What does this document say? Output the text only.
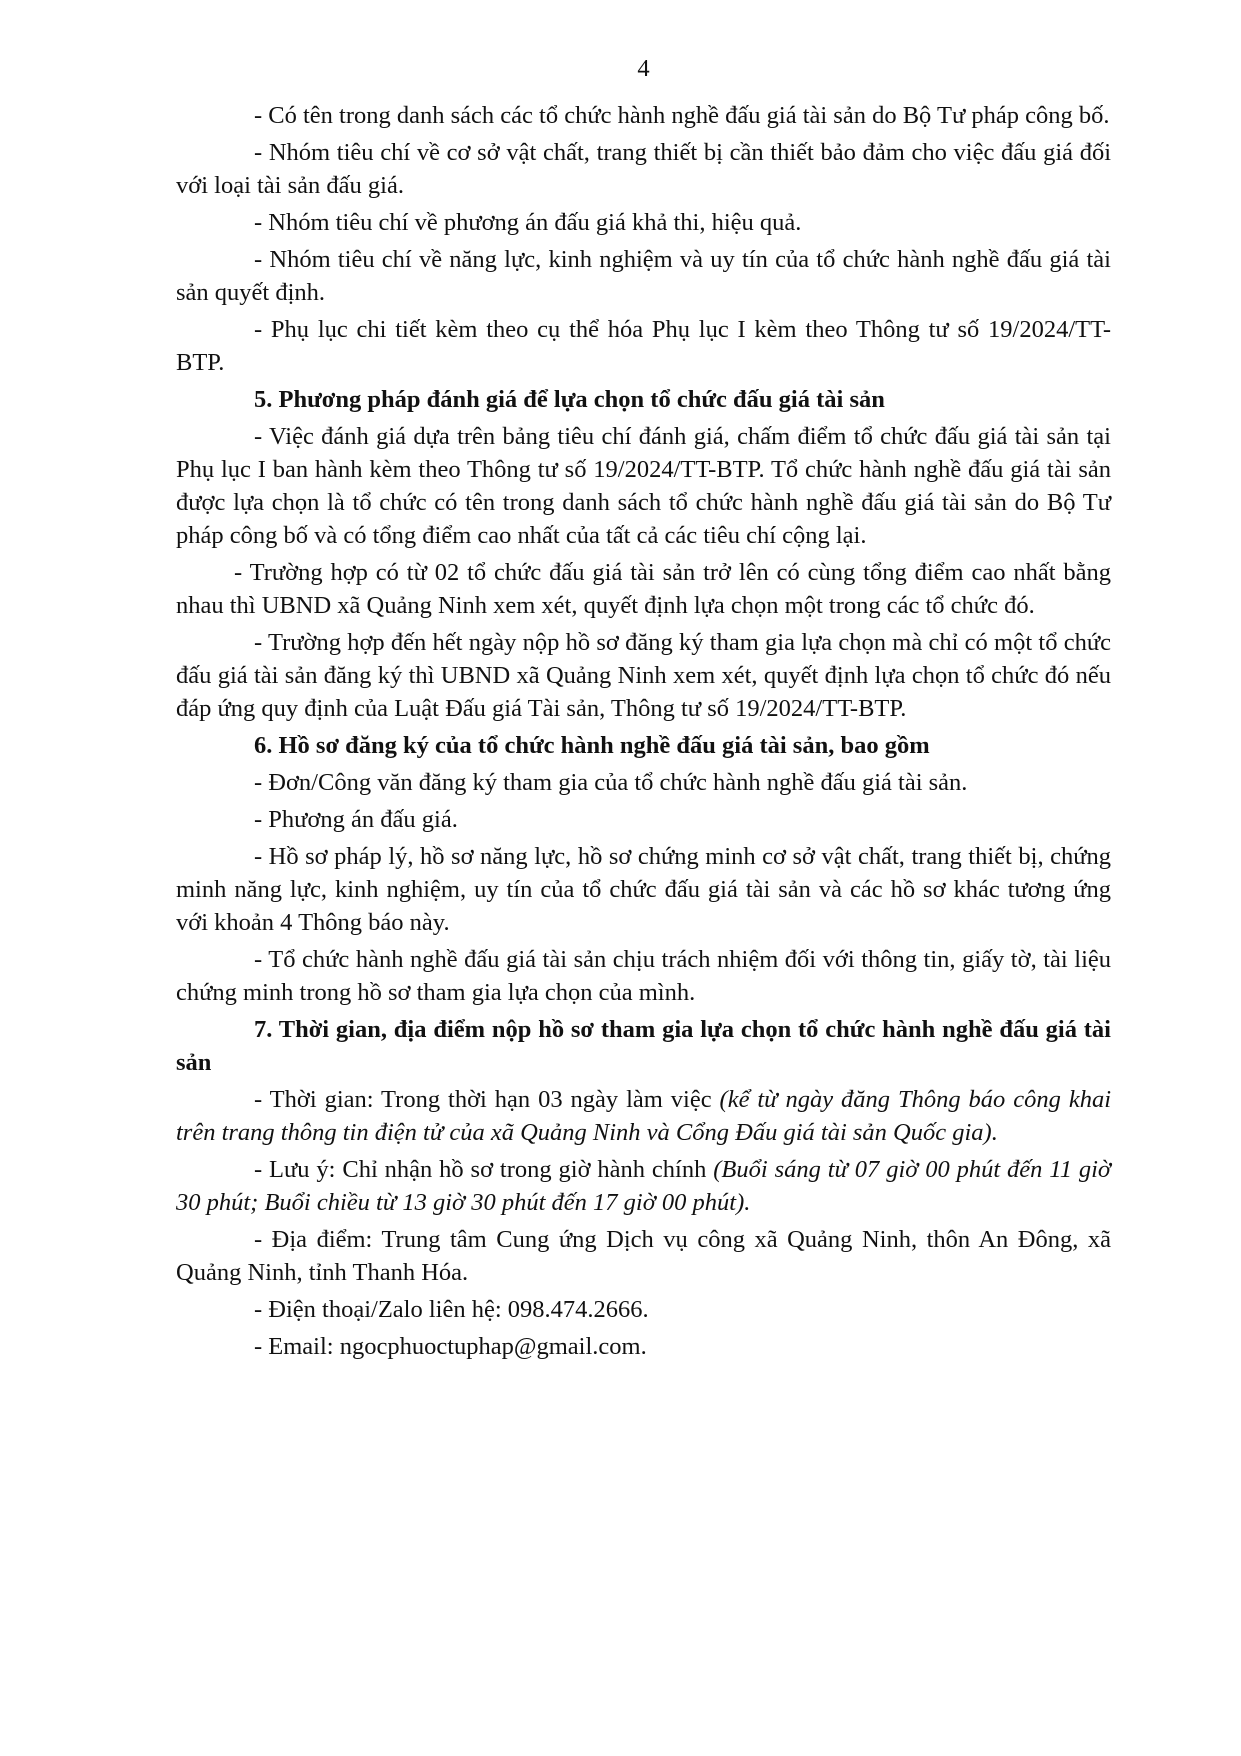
4

- Có tên trong danh sách các tổ chức hành nghề đấu giá tài sản do Bộ Tư pháp công bố.

- Nhóm tiêu chí về cơ sở vật chất, trang thiết bị cần thiết bảo đảm cho việc đấu giá đối với loại tài sản đấu giá.

- Nhóm tiêu chí về phương án đấu giá khả thi, hiệu quả.

- Nhóm tiêu chí về năng lực, kinh nghiệm và uy tín của tổ chức hành nghề đấu giá tài sản quyết định.

- Phụ lục chi tiết kèm theo cụ thể hóa Phụ lục I kèm theo Thông tư số 19/2024/TT-BTP.

5. Phương pháp đánh giá để lựa chọn tổ chức đấu giá tài sản

- Việc đánh giá dựa trên bảng tiêu chí đánh giá, chấm điểm tổ chức đấu giá tài sản tại Phụ lục I ban hành kèm theo Thông tư số 19/2024/TT-BTP. Tổ chức hành nghề đấu giá tài sản được lựa chọn là tổ chức có tên trong danh sách tổ chức hành nghề đấu giá tài sản do Bộ Tư pháp công bố và có tổng điểm cao nhất của tất cả các tiêu chí cộng lại.

- Trường hợp có từ 02 tổ chức đấu giá tài sản trở lên có cùng tổng điểm cao nhất bằng nhau thì UBND xã Quảng Ninh xem xét, quyết định lựa chọn một trong các tổ chức đó.

- Trường hợp đến hết ngày nộp hồ sơ đăng ký tham gia lựa chọn mà chỉ có một tổ chức đấu giá tài sản đăng ký thì UBND xã Quảng Ninh xem xét, quyết định lựa chọn tổ chức đó nếu đáp ứng quy định của Luật Đấu giá Tài sản, Thông tư số 19/2024/TT-BTP.

6. Hồ sơ đăng ký của tổ chức hành nghề đấu giá tài sản, bao gồm

- Đơn/Công văn đăng ký tham gia của tổ chức hành nghề đấu giá tài sản.

- Phương án đấu giá.

- Hồ sơ pháp lý, hồ sơ năng lực, hồ sơ chứng minh cơ sở vật chất, trang thiết bị, chứng minh năng lực, kinh nghiệm, uy tín của tổ chức đấu giá tài sản và các hồ sơ khác tương ứng với khoản 4 Thông báo này.

- Tổ chức hành nghề đấu giá tài sản chịu trách nhiệm đối với thông tin, giấy tờ, tài liệu chứng minh trong hồ sơ tham gia lựa chọn của mình.

7. Thời gian, địa điểm nộp hồ sơ tham gia lựa chọn tổ chức hành nghề đấu giá tài sản

- Thời gian: Trong thời hạn 03 ngày làm việc (kể từ ngày đăng Thông báo công khai trên trang thông tin điện tử của xã Quảng Ninh và Cổng Đấu giá tài sản Quốc gia).

- Lưu ý: Chỉ nhận hồ sơ trong giờ hành chính (Buổi sáng từ 07 giờ 00 phút đến 11 giờ 30 phút; Buổi chiều từ 13 giờ 30 phút đến 17 giờ 00 phút).

- Địa điểm: Trung tâm Cung ứng Dịch vụ công xã Quảng Ninh, thôn An Đông, xã Quảng Ninh, tỉnh Thanh Hóa.

- Điện thoại/Zalo liên hệ: 098.474.2666.

- Email: ngocphuoctuphap@gmail.com.
